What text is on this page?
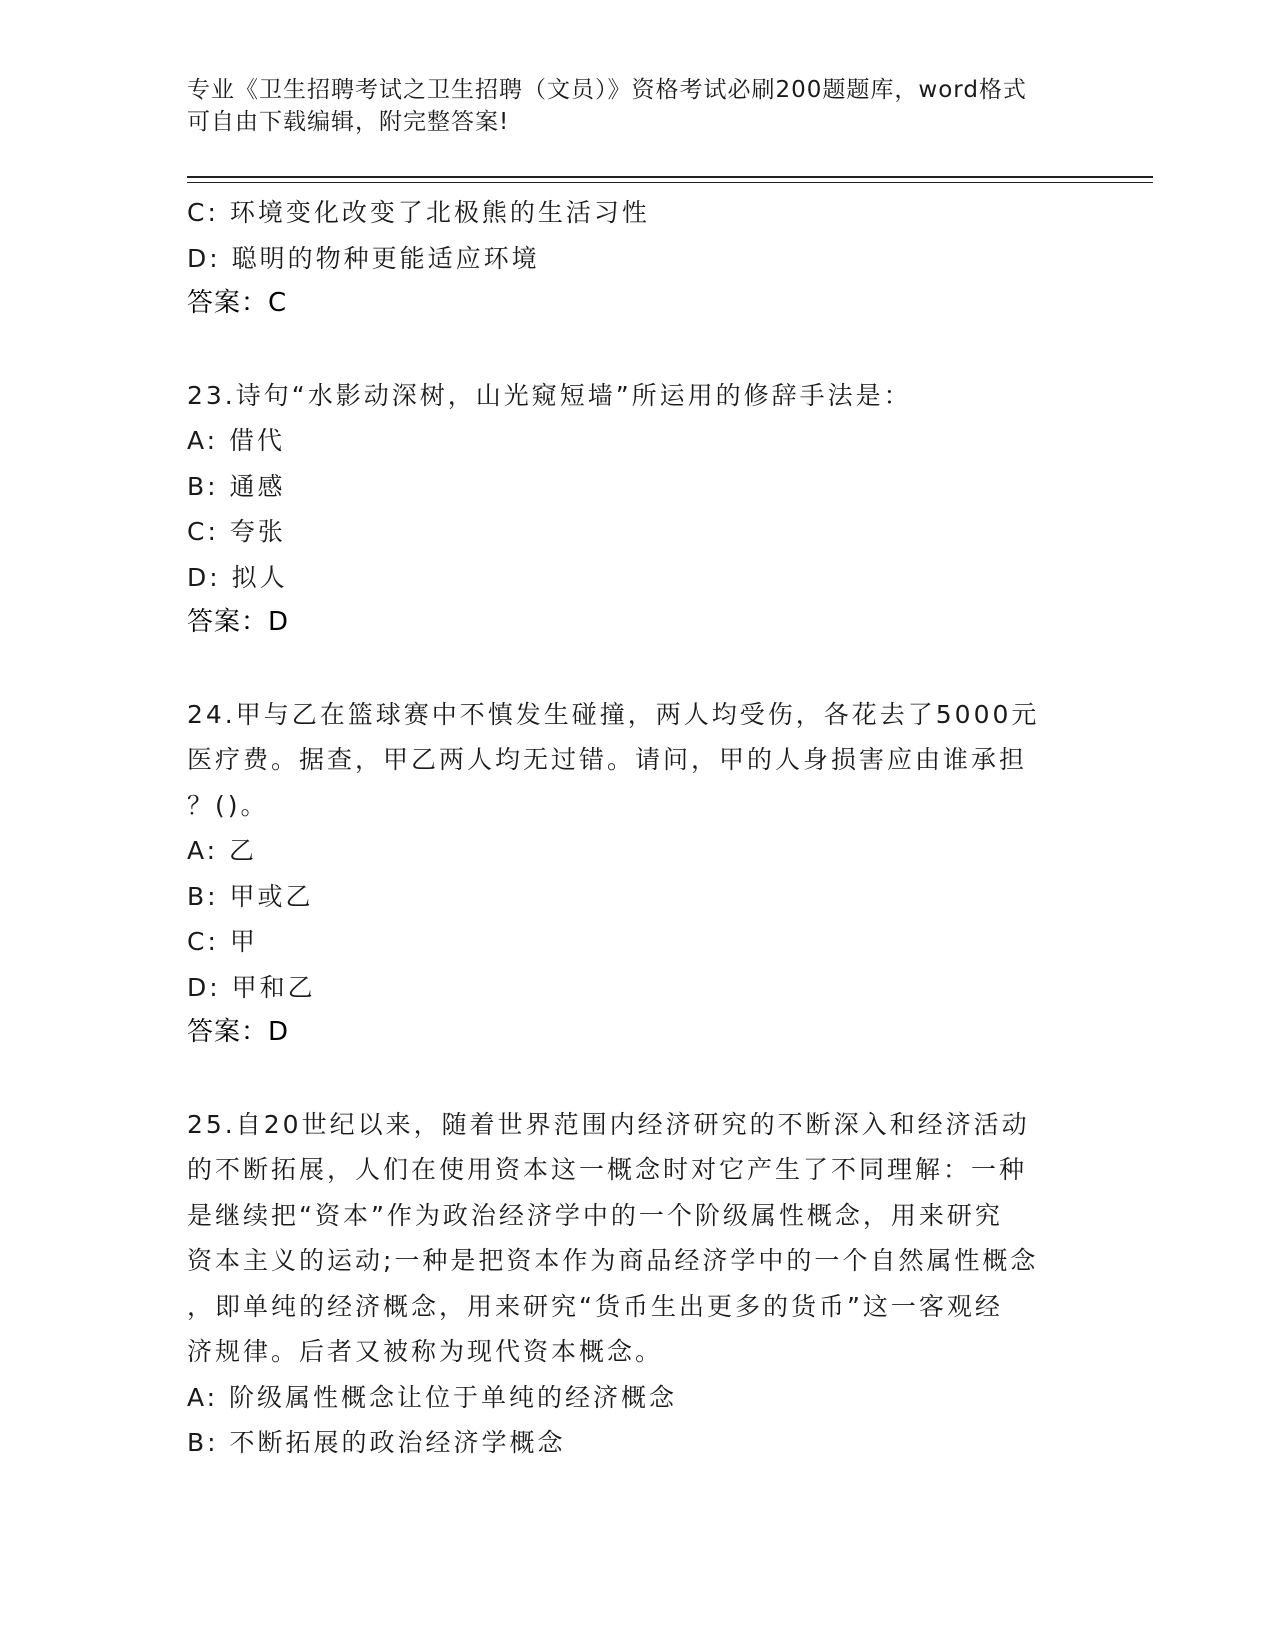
专业《卫生招聘考试之卫生招聘（文员）》资格考试必刷200题题库，word格式
可自由下载编辑，附完整答案!
C: 环境变化改变了北极熊的生活习性
D: 聪明的物种更能适应环境
答案：C
23.诗句“水影动深树，山光窥短墙”所运用的修辞手法是：
A: 借代
B: 通感
C: 夸张
D: 拟人
答案：D
24.甲与乙在篮球赛中不慎发生碰撞，两人均受伤，各花去了5000元
医疗费。据查，甲乙两人均无过错。请问，甲的人身损害应由谁承担
？()。
A: 乙
B: 甲或乙
C: 甲
D: 甲和乙
答案：D
25.自20世纪以来，随着世界范围内经济研究的不断深入和经济活动
的不断拓展，人们在使用资本这一概念时对它产生了不同理解：一种
是继续把“资本”作为政治经济学中的一个阶级属性概念，用来研究
资本主义的运动;一种是把资本作为商品经济学中的一个自然属性概念
，即单纯的经济概念，用来研究“货币生出更多的货币”这一客观经
济规律。后者又被称为现代资本概念。
A: 阶级属性概念让位于单纯的经济概念
B: 不断拓展的政治经济学概念
